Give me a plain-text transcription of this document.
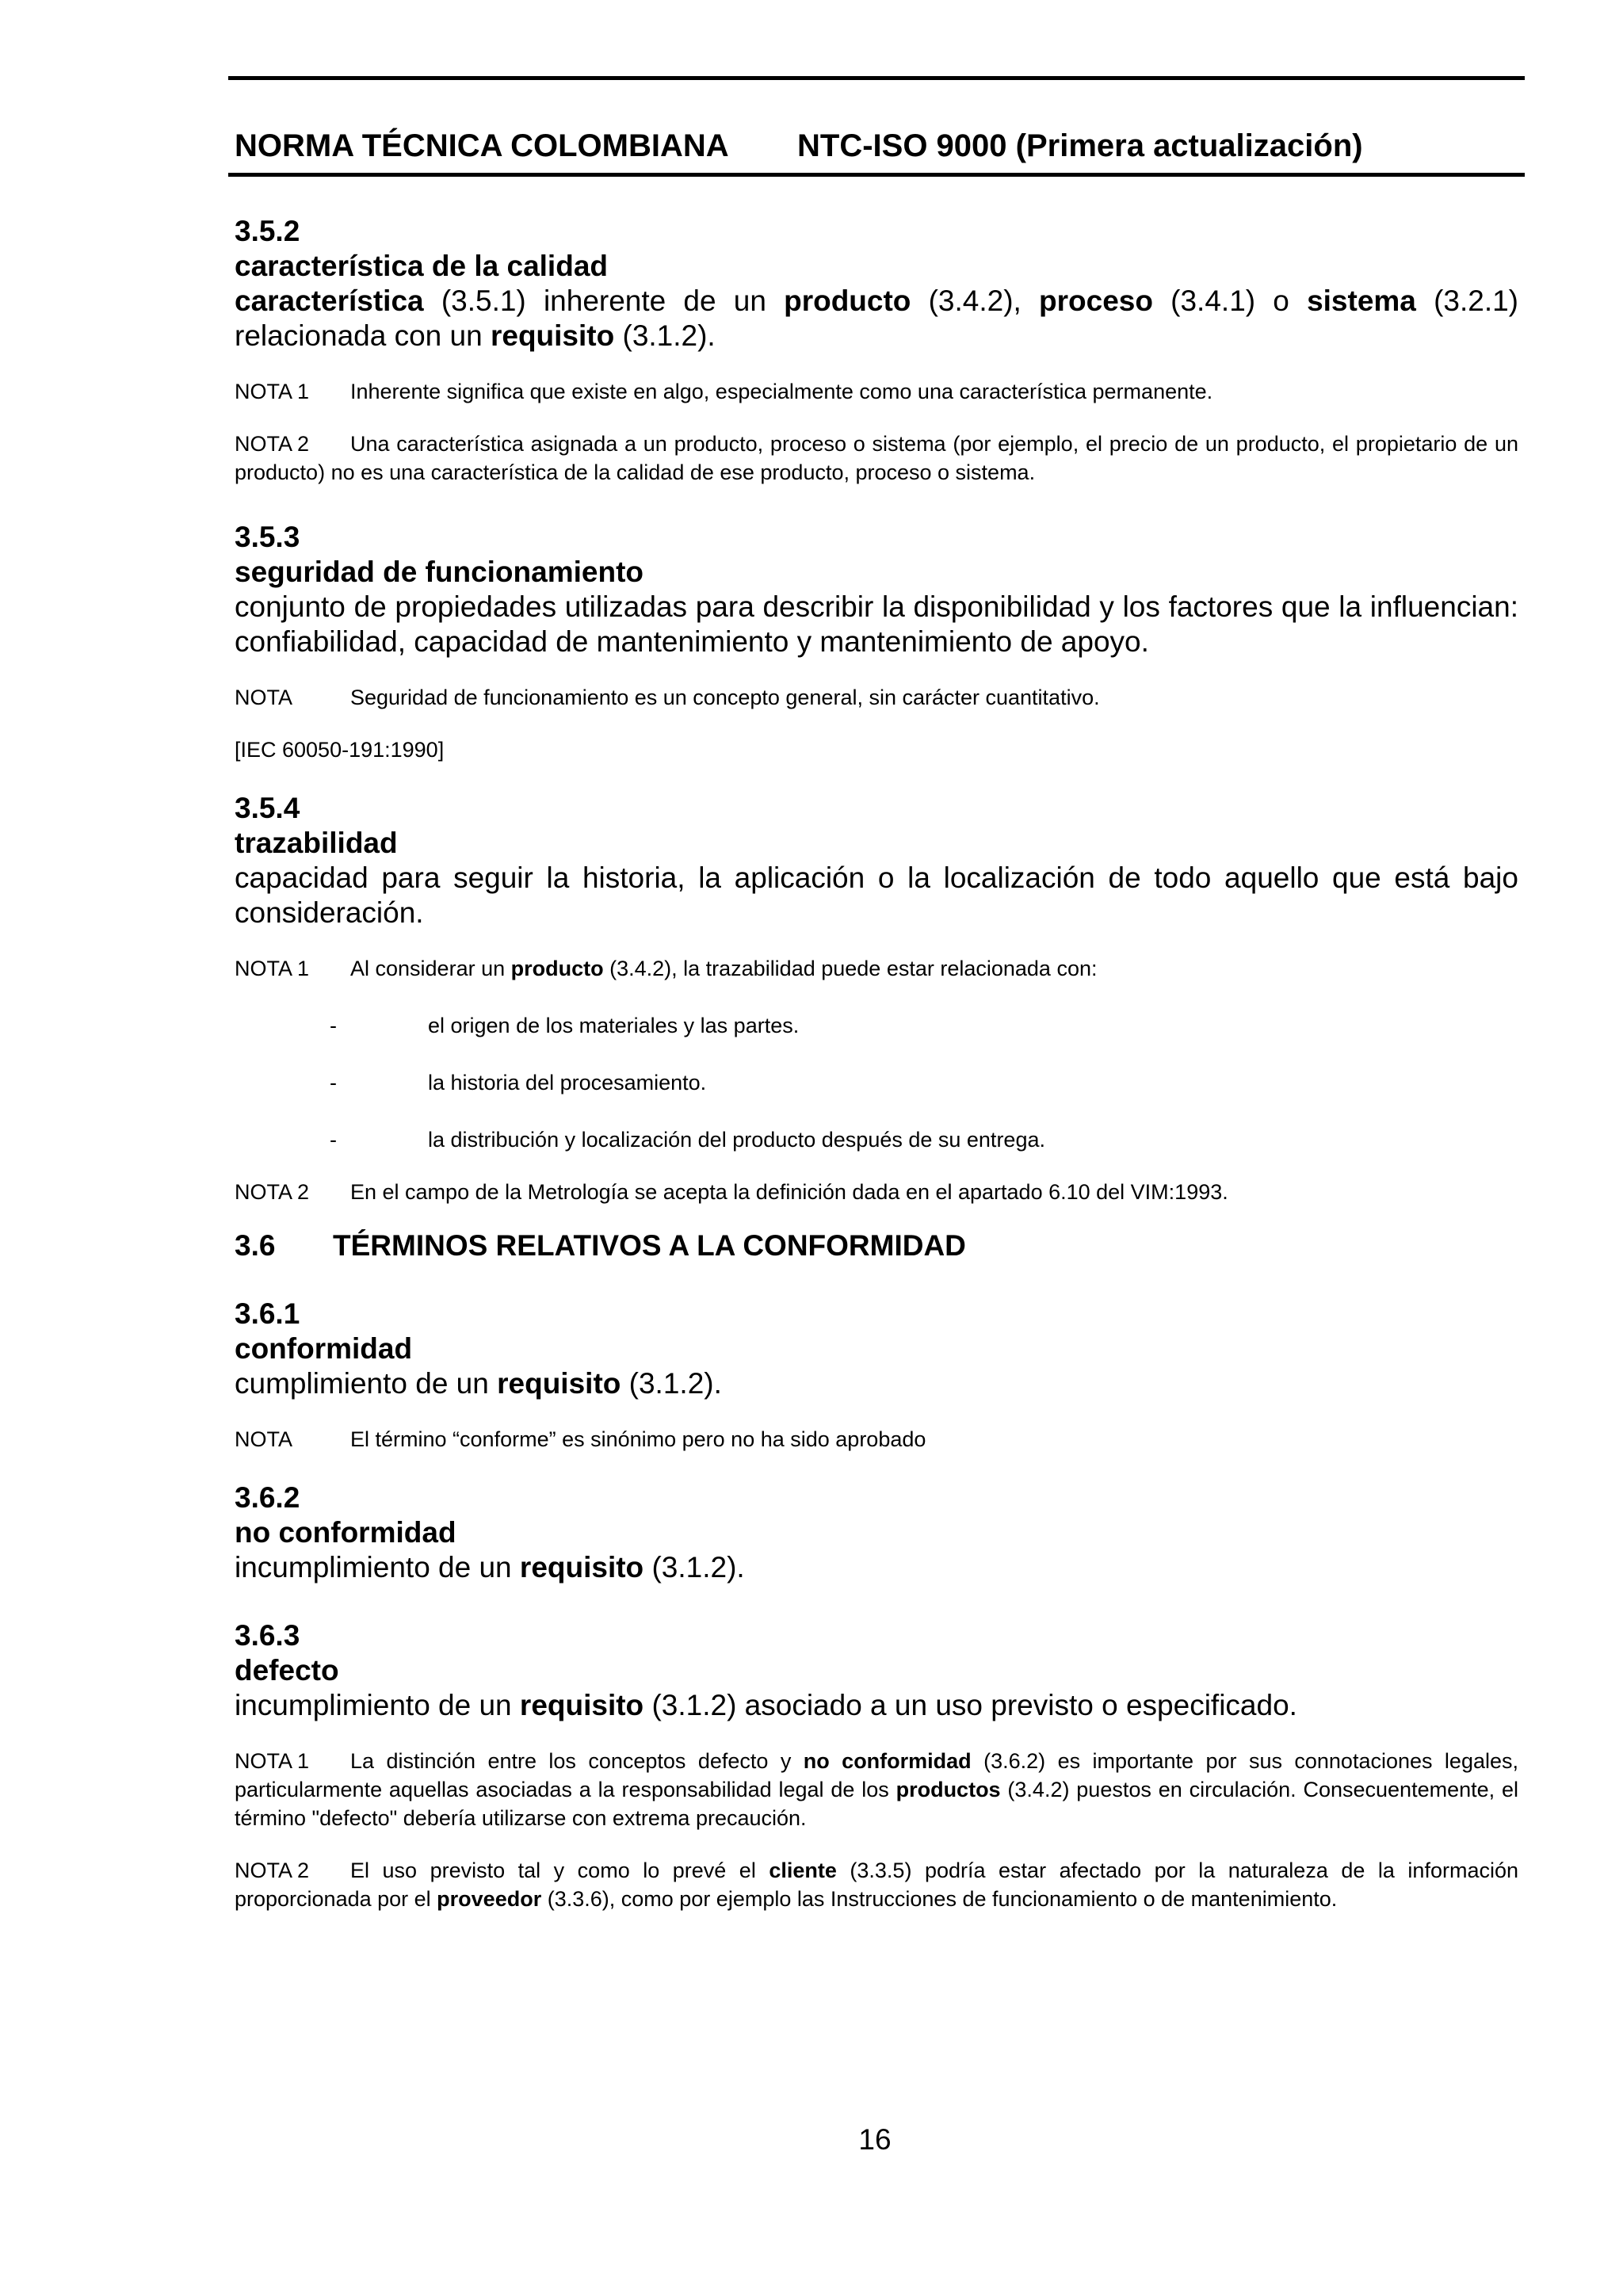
NORMA TÉCNICA COLOMBIANA NTC-ISO 9000 (Primera actualización)
3.5.2
característica de la calidad
característica (3.5.1) inherente de un producto (3.4.2), proceso (3.4.1) o sistema (3.2.1) relacionada con un requisito (3.1.2).
NOTA 1 Inherente significa que existe en algo, especialmente como una característica permanente.
NOTA 2 Una característica asignada a un producto, proceso o sistema (por ejemplo, el precio de un producto, el propietario de un producto) no es una característica de la calidad de ese producto, proceso o sistema.
3.5.3
seguridad de funcionamiento
conjunto de propiedades utilizadas para describir la disponibilidad y los factores que la influencian: confiabilidad, capacidad de mantenimiento y mantenimiento de apoyo.
NOTA	Seguridad de funcionamiento es un concepto general, sin carácter cuantitativo.
[IEC 60050-191:1990]
3.5.4
trazabilidad
capacidad para seguir la historia, la aplicación o la localización de todo aquello que está bajo consideración.
NOTA 1 Al considerar un producto (3.4.2), la trazabilidad puede estar relacionada con:
-	el origen de los materiales y las partes.
-	la historia del procesamiento.
-	la distribución y localización del producto después de su entrega.
NOTA 2 En el campo de la Metrología se acepta la definición dada en el apartado 6.10 del VIM:1993.
3.6 TÉRMINOS RELATIVOS A LA CONFORMIDAD
3.6.1
conformidad
cumplimiento de un requisito (3.1.2).
NOTA	El término “conforme” es sinónimo pero no ha sido aprobado
3.6.2
no conformidad
incumplimiento de un requisito (3.1.2).
3.6.3
defecto
incumplimiento de un requisito (3.1.2) asociado a un uso previsto o especificado.
NOTA 1 La distinción entre los conceptos defecto y no conformidad (3.6.2) es importante por sus connotaciones legales, particularmente aquellas asociadas a la responsabilidad legal de los productos (3.4.2) puestos en circulación. Consecuentemente, el término "defecto" debería utilizarse con extrema precaución.
NOTA 2 El uso previsto tal y como lo prevé el cliente (3.3.5) podría estar afectado por la naturaleza de la información proporcionada por el proveedor (3.3.6), como por ejemplo las Instrucciones de funcionamiento o de mantenimiento.
16
